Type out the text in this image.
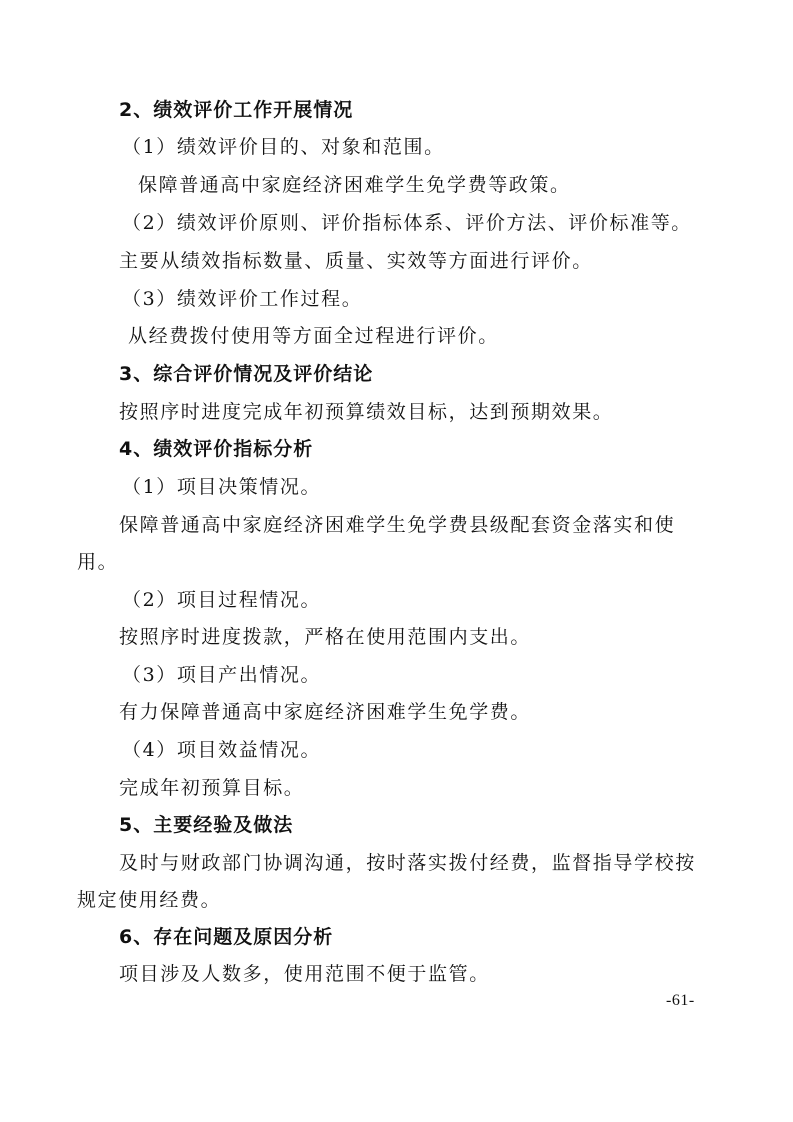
2、绩效评价工作开展情况
（1）绩效评价目的、对象和范围。
保障普通高中家庭经济困难学生免学费等政策。
（2）绩效评价原则、评价指标体系、评价方法、评价标准等。
主要从绩效指标数量、质量、实效等方面进行评价。
（3）绩效评价工作过程。
从经费拨付使用等方面全过程进行评价。
3、综合评价情况及评价结论
按照序时进度完成年初预算绩效目标，达到预期效果。
4、绩效评价指标分析
（1）项目决策情况。
保障普通高中家庭经济困难学生免学费县级配套资金落实和使
用。
（2）项目过程情况。
按照序时进度拨款，严格在使用范围内支出。
（3）项目产出情况。
有力保障普通高中家庭经济困难学生免学费。
（4）项目效益情况。
完成年初预算目标。
5、主要经验及做法
及时与财政部门协调沟通，按时落实拨付经费，监督指导学校按
规定使用经费。
6、存在问题及原因分析
项目涉及人数多，使用范围不便于监管。
-61-
